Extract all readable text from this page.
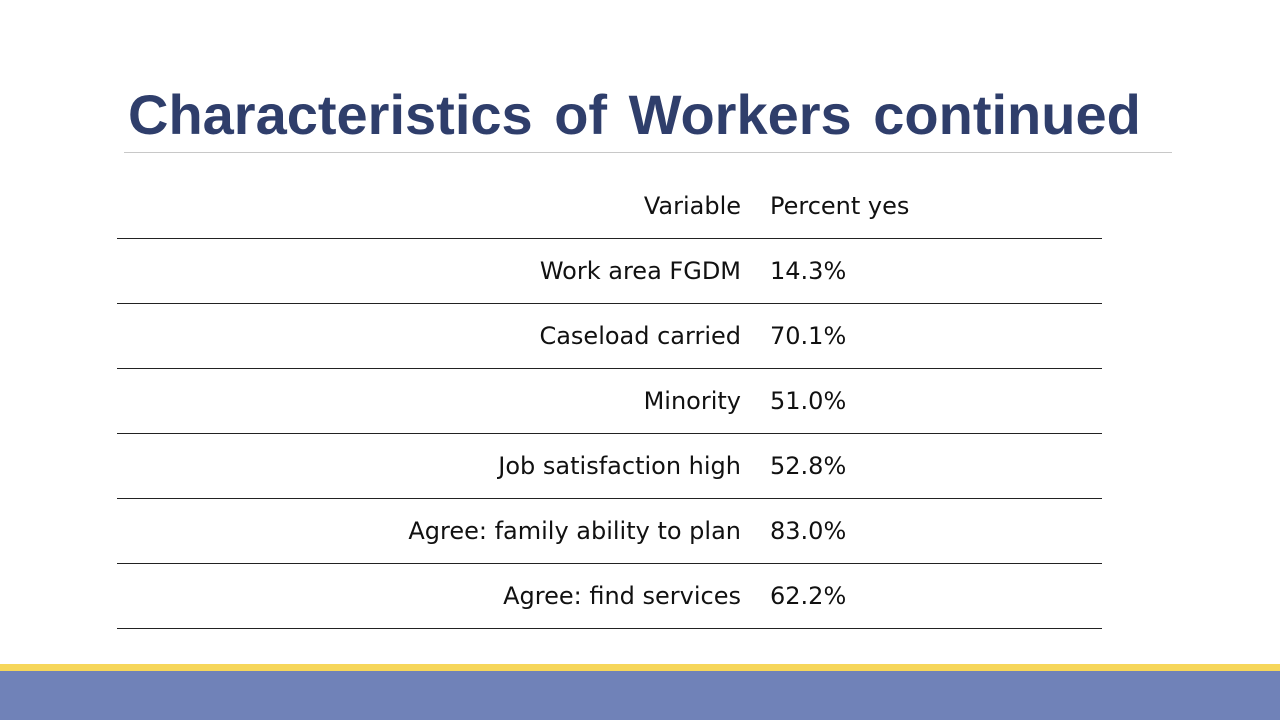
Characteristics of Workers continued
Variable	Percent yes
Work area FGDM	14.3%
Caseload carried	70.1%
Minority	51.0%
Job satisfaction high	52.8%
Agree: family ability to plan	83.0%
Agree: find services	62.2%
